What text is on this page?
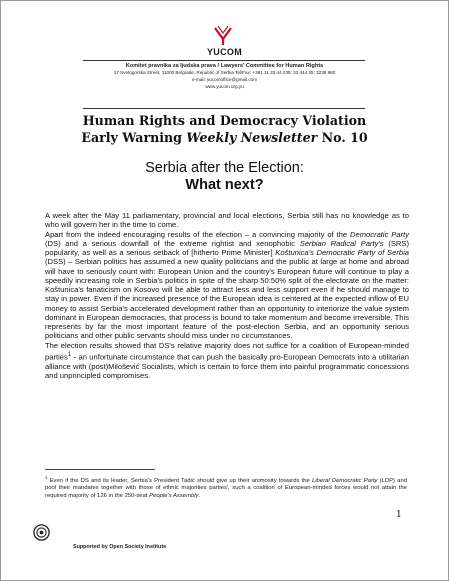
YUCOM
Komitet pravnika za ljudska prava / Lawyers' Committee for Human Rights
17 Svetogorska Street, 11000 Belgrade, Republic of Serbia Tel/Fax: +381 11 33 44 235; 33 444 25; 3238 980
e-mail: yucomoffice@gmail.com
www.yucom.org.yu
Human Rights and Democracy Violation
Early Warning Weekly Newsletter No. 10
Serbia after the Election:
What next?

A week after the May 11 parliamentary, provincial and local elections, Serbia still has no knowledge as to who will govern her in the time to come.

Apart from the indeed encouraging results of the election – a convincing majority of the Democratic Party (DS) and a serious downfall of the extreme rightist and xenophobic Serbian Radical Party's (SRS) popularity, as well as a serious setback of [hitherto Prime Minister] Koštunica's Democratic Party of Serbia (DSS) – Serbian politics has assumed a new quality politicians and the public at large at home and abroad will have to seriously count with: European Union and the country's European future will continue to play a speedily increasing role in Serbia's politics in spite of the sharp 50:50% split of the electorate on the matter: Koštunica's fanaticism on Kosovo will be able to attract less and less support even if he should manage to stay in power. Even if the increased presence of the European idea is centered at the expected inflow of EU money to assist Serbia's accelerated development rather than an opportunity to interiorize the value system dominant in European democracies, that process is bound to take momentum and become irreversible. This represents by far the most important feature of the post-election Serbia, and an opportunity serious politicians and other public servants should miss under no circumstances.

The election results showed that DS's relative majority does not suffice for a coalition of European-minded parties$^1$ - an unfortunate circumstance that can push the basically pro-European Democrats into a utilitarian alliance with (post)Milošević Socialists, which is certain to force them into painful programmatic concessions and unprincipled compromises.

$^1$ Even if the DS and its leader, Serbia's President Tadić should give up their animosity towards the Liberal Democratic Party (LDP) and pool their mandates together with those of ethnic majorities parties', such a coalition of European-minded forces would not attain the required majority of 126 in the 250-seat People's Assembly.
1
Supported by Open Society Institute
